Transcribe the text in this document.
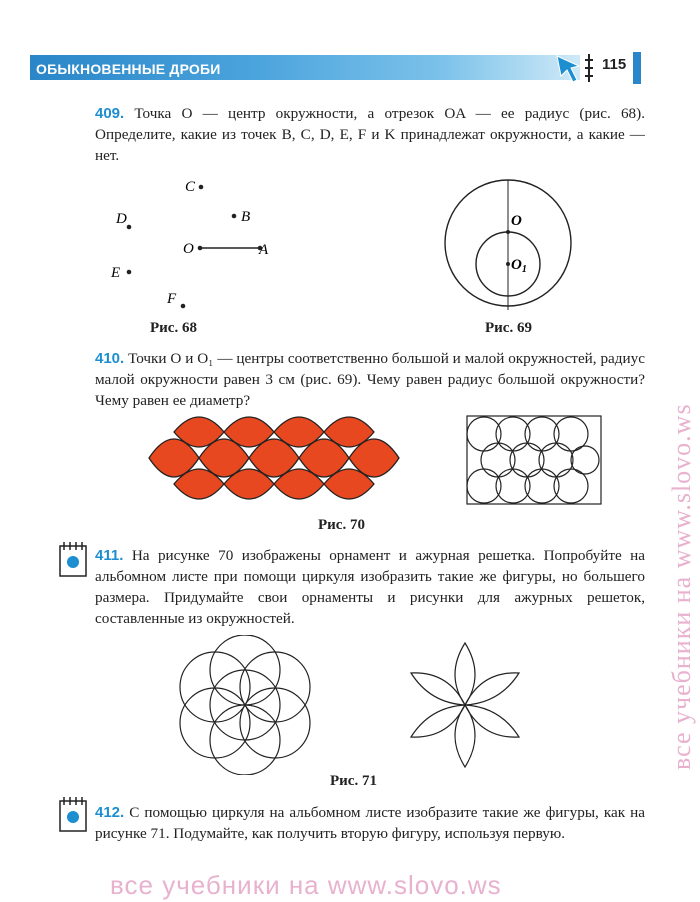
ОБЫКНОВЕННЫЕ ДРОБИ	115
409. Точка O — центр окружности, а отрезок OA — ее радиус (рис. 68). Определите, какие из точек B, C, D, E, F и K принадлежат окружности, а какие — нет.
C
B
D
O	A
E
F
Рис. 68
O
$O_1$
Рис. 69
410. Точки O и O₁ — центры соответственно большой и малой окружностей, радиус малой окружности равен 3 см (рис. 69). Чему равен радиус большой окружности? Чему равен ее диаметр?
Рис. 70
411. На рисунке 70 изображены орнамент и ажурная решетка. Попробуйте на альбомном листе при помощи циркуля изобразить такие же фигуры, но большего размера. Придумайте свои орнаменты и рисунки для ажурных решеток, составленные из окружностей.
Рис. 71
412. С помощью циркуля на альбомном листе изобразите такие же фигуры, как на рисунке 71. Подумайте, как получить вторую фигуру, используя первую.
все учебники на www.slovo.ws
все учебники на www.slovo.ws
